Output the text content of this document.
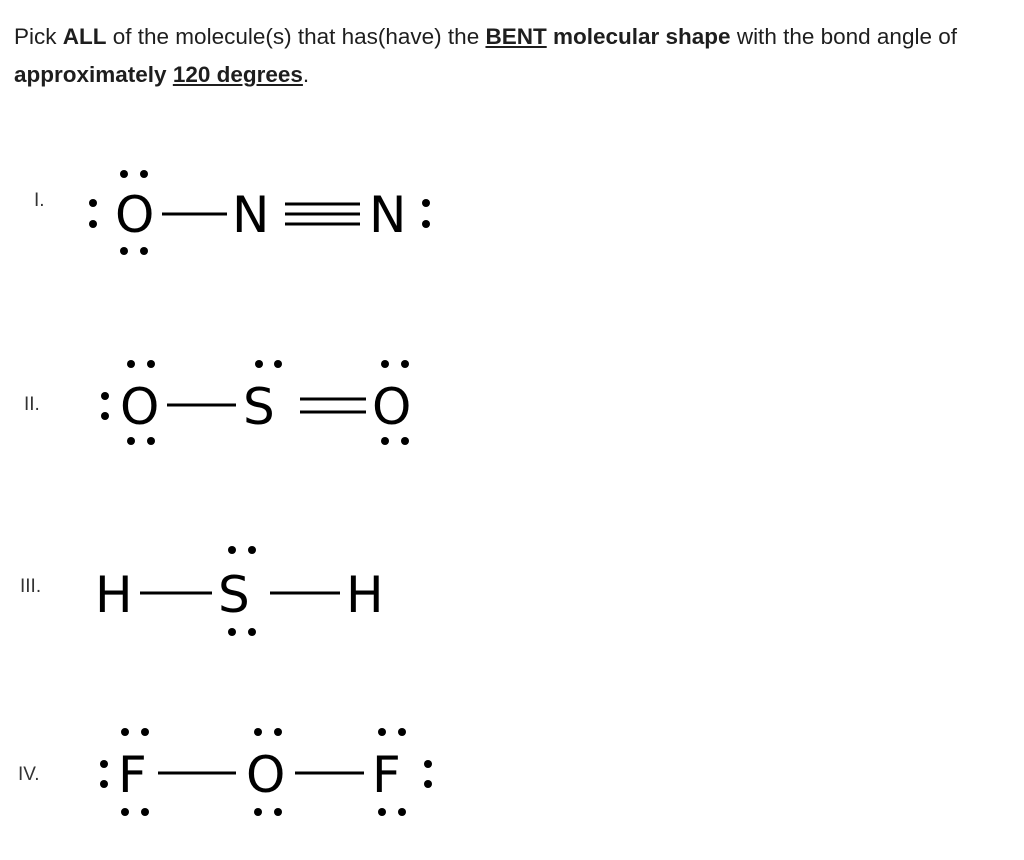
Pick ALL of the molecule(s) that has(have) the BENT molecular shape with the bond angle of
approximately 120 degrees.
I.
II.
III.
IV.
O N N
O S O
H S H
F O F
